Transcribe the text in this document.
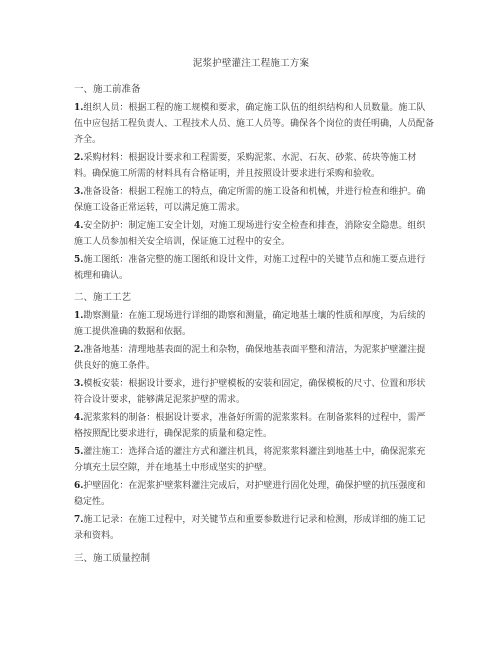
泥浆护壁灌注工程施工方案
一、施工前准备
1.组织人员：根据工程的施工规模和要求，确定施工队伍的组织结构和人员数量。施工队伍中应包括工程负责人、工程技术人员、施工人员等。确保各个岗位的责任明确，人员配备齐全。
2.采购材料：根据设计要求和工程需要，采购泥浆、水泥、石灰、砂浆、砖块等施工材料。确保施工所需的材料具有合格证明，并且按照设计要求进行采购和验收。
3.准备设备：根据工程施工的特点，确定所需的施工设备和机械，并进行检查和维护。确保施工设备正常运转，可以满足施工需求。
4.安全防护：制定施工安全计划，对施工现场进行安全检查和排查，消除安全隐患。组织施工人员参加相关安全培训，保证施工过程中的安全。
5.施工图纸：准备完整的施工图纸和设计文件，对施工过程中的关键节点和施工要点进行梳理和确认。
二、施工工艺
1.勘察测量：在施工现场进行详细的勘察和测量，确定地基土壤的性质和厚度，为后续的施工提供准确的数据和依据。
2.准备地基：清理地基表面的泥土和杂物，确保地基表面平整和清洁，为泥浆护壁灌注提供良好的施工条件。
3.模板安装：根据设计要求，进行护壁模板的安装和固定，确保模板的尺寸、位置和形状符合设计要求，能够满足泥浆护壁的需求。
4.泥浆浆料的制备：根据设计要求，准备好所需的泥浆浆料。在制备浆料的过程中，需严格按照配比要求进行，确保泥浆的质量和稳定性。
5.灌注施工：选择合适的灌注方式和灌注机具，将泥浆浆料灌注到地基土中，确保泥浆充分填充土层空隙，并在地基土中形成坚实的护壁。
6.护壁固化：在泥浆护壁浆料灌注完成后，对护壁进行固化处理，确保护壁的抗压强度和稳定性。
7.施工记录：在施工过程中，对关键节点和重要参数进行记录和检测，形成详细的施工记录和资料。
三、施工质量控制
